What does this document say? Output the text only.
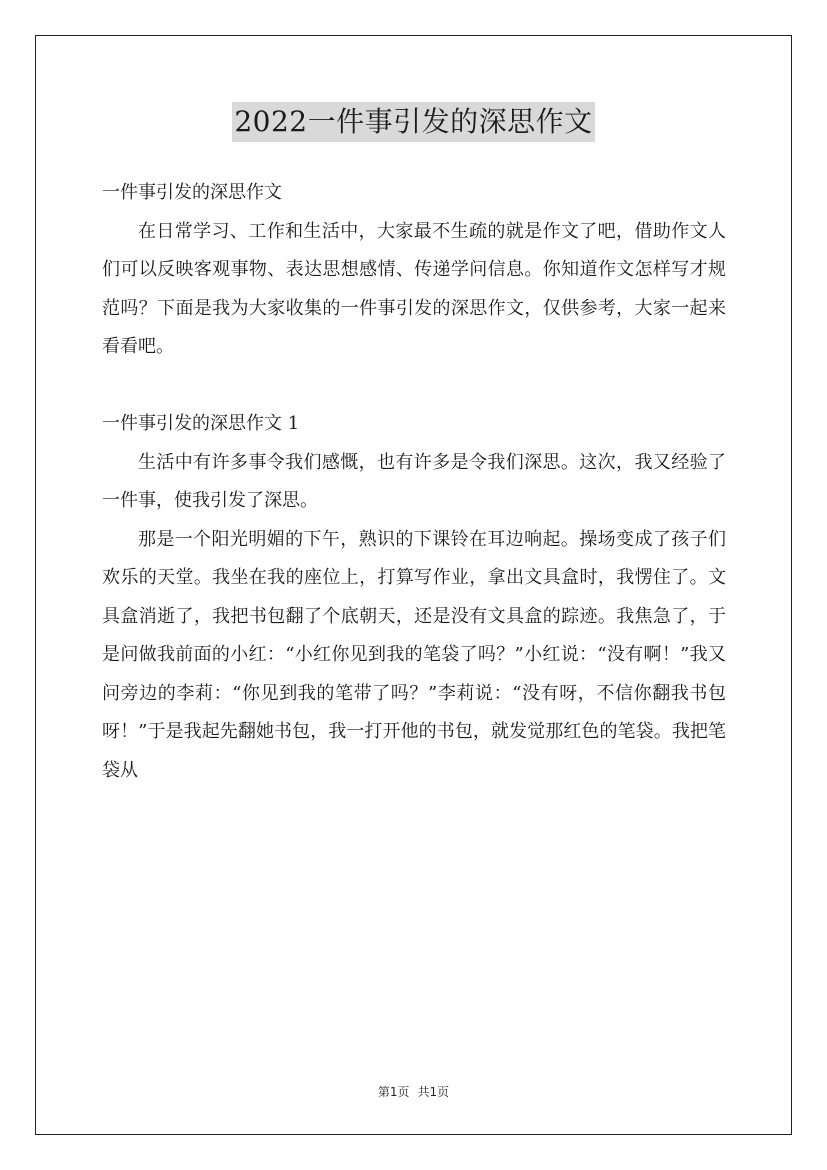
2022一件事引发的深思作文

一件事引发的深思作文

在日常学习、工作和生活中，大家最不生疏的就是作文了吧，借助作文人们可以反映客观事物、表达思想感情、传递学问信息。你知道作文怎样写才规范吗？下面是我为大家收集的一件事引发的深思作文，仅供参考，大家一起来看看吧。

一件事引发的深思作文 1

生活中有许多事令我们感慨，也有许多是令我们深思。这次，我又经验了一件事，使我引发了深思。

那是一个阳光明媚的下午，熟识的下课铃在耳边响起。操场变成了孩子们欢乐的天堂。我坐在我的座位上，打算写作业，拿出文具盒时，我愣住了。文具盒消逝了，我把书包翻了个底朝天，还是没有文具盒的踪迹。我焦急了，于是问做我前面的小红：“小红你见到我的笔袋了吗？”小红说：“没有啊！”我又问旁边的李莉：“你见到我的笔带了吗？”李莉说：“没有呀，不信你翻我书包呀！”于是我起先翻她书包，我一打开他的书包，就发觉那红色的笔袋。我把笔袋从

第1页 共1页
